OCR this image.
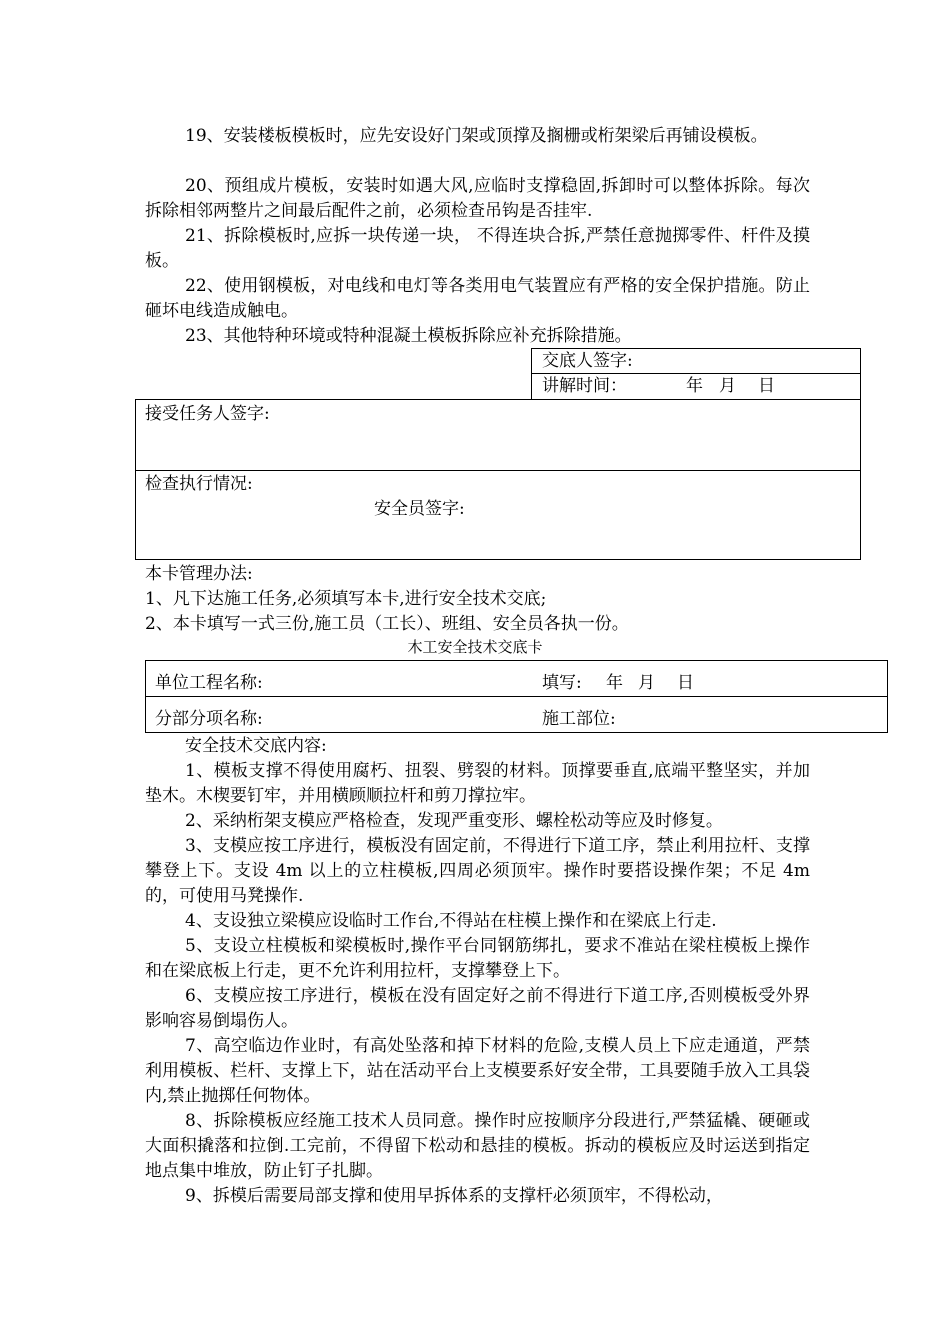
19、安装楼板模板时，应先安设好门架或顶撑及搁栅或桁架梁后再铺设模板。

20、预组成片模板，安装时如遇大风,应临时支撑稳固,拆卸时可以整体拆除。每次拆除相邻两整片之间最后配件之前，必须检查吊钩是否挂牢.

21、拆除模板时,应拆一块传递一块， 不得连块合拆,严禁任意抛掷零件、杆件及摸板。

22、使用钢模板，对电线和电灯等各类用电气装置应有严格的安全保护措施。防止砸坏电线造成触电。

23、其他特种环境或特种混凝土模板拆除应补充拆除措施。

交底人签字:
讲解时间：	年 月 日
接受任务人签字:
检查执行情况:
安全员签字:
本卡管理办法:
1、凡下达施工任务,必须填写本卡,进行安全技术交底;
2、本卡填写一式三份,施工员（工长）、班组、安全员各执一份。
木工安全技术交底卡
单位工程名称:	填写: 年 月 日
分部分项名称:	施工部位:
安全技术交底内容:

1、模板支撑不得使用腐朽、扭裂、劈裂的材料。顶撑要垂直,底端平整坚实，并加垫木。木楔要钉牢，并用横顾顺拉杆和剪刀撑拉牢。

2、采纳桁架支模应严格检查，发现严重变形、螺栓松动等应及时修复。

3、支模应按工序进行，模板没有固定前，不得进行下道工序，禁止利用拉杆、支撑攀登上下。支设 4m 以上的立柱模板,四周必须顶牢。操作时要搭设操作架；不足 4m 的，可使用马凳操作.

4、支设独立梁模应设临时工作台,不得站在柱模上操作和在梁底上行走.

5、支设立柱模板和梁模板时,操作平台同钢筋绑扎，要求不准站在梁柱模板上操作和在梁底板上行走，更不允许利用拉杆，支撑攀登上下。

6、支模应按工序进行，模板在没有固定好之前不得进行下道工序,否则模板受外界影响容易倒塌伤人。

7、高空临边作业时，有高处坠落和掉下材料的危险,支模人员上下应走通道，严禁利用模板、栏杆、支撑上下，站在活动平台上支模要系好安全带，工具要随手放入工具袋内,禁止抛掷任何物体。

8、拆除模板应经施工技术人员同意。操作时应按顺序分段进行,严禁猛橇、硬砸或大面积撬落和拉倒.工完前，不得留下松动和悬挂的模板。拆动的模板应及时运送到指定地点集中堆放，防止钉子扎脚。

9、拆模后需要局部支撑和使用早拆体系的支撑杆必须顶牢，不得松动，
